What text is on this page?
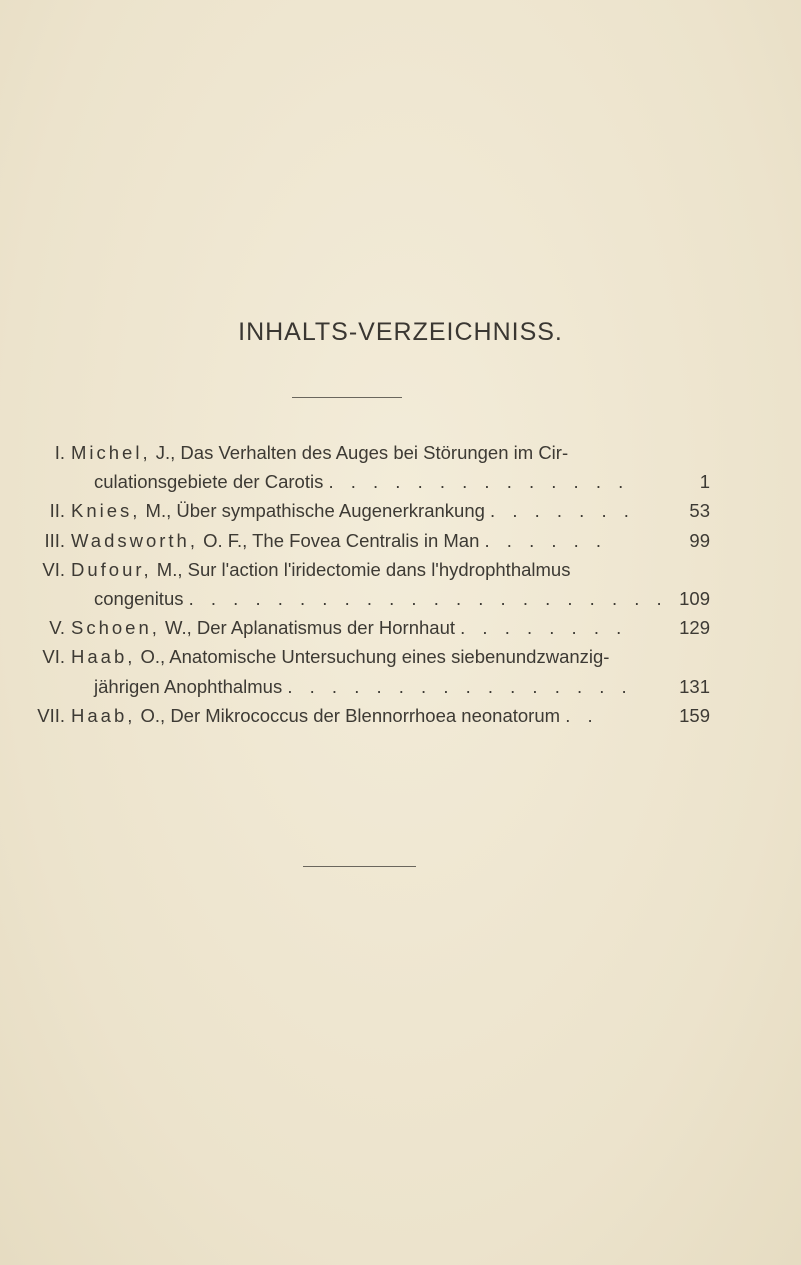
INHALTS-VERZEICHNISS.
I. Michel, J., Das Verhalten des Auges bei Störungen im Cir-
culationsgebiete der Carotis . . . . . . . . . . . . . .	1
II. Knies, M., Über sympathische Augenerkrankung . . . . . . .	53
III. Wadsworth, O. F., The Fovea Centralis in Man . . . . . .	99
VI. Dufour, M., Sur l'action l'iridectomie dans l'hydrophthalmus
congenitus . . . . . . . . . . . . . . . . . . . . . . 109
V. Schoen, W., Der Aplanatismus der Hornhaut . . . . . . . .	129
VI. Haab, O., Anatomische Untersuchung eines siebenundzwanzig-
jährigen Anophthalmus . . . . . . . . . . . . . . . .	131
VII. Haab, O., Der Mikrococcus der Blennorrhoea neonatorum . .	159
